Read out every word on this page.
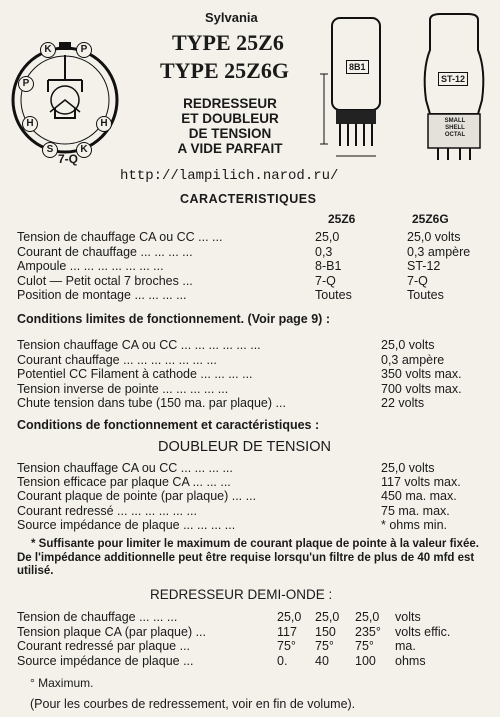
K	P
P
H	H
S	K
7-Q
Sylvania
TYPE 25Z6
TYPE 25Z6G
REDRESSEUR
ET DOUBLEUR
DE TENSION
A VIDE PARFAIT
8B1
ST-12
SMALL SHELL OCTAL
http://lampilich.narod.ru/
CARACTERISTIQUES
25Z6	25Z6G
Tension de chauffage CA ou CC ... ...	25,0	25,0 volts
Courant de chauffage ... ... ... ...	0,3	0,3 ampère
Ampoule ... ... ... ... ... ... ...	8-B1	ST-12
Culot — Petit octal 7 broches ...	7-Q	7-Q
Position de montage ... ... ... ...	Toutes	Toutes
Conditions limites de fonctionnement. (Voir page 9) :
Tension chauffage CA ou CC ... ... ... ... ... ...	25,0 volts
Courant chauffage ... ... ... ... ... ... ...	0,3 ampère
Potentiel CC Filament à cathode ... ... ... ...	350 volts max.
Tension inverse de pointe ... ... ... ... ...	700 volts max.
Chute tension dans tube (150 ma. par plaque) ...	22 volts
Conditions de fonctionnement et caractéristiques :
DOUBLEUR DE TENSION
Tension chauffage CA ou CC ... ... ... ...	25,0 volts
Tension efficace par plaque CA ... ... ...	117 volts max.
Courant plaque de pointe (par plaque) ... ...	450 ma. max.
Courant redressé ... ... ... ... ... ...	75 ma. max.
Source impédance de plaque ... ... ... ...	* ohms min.
* Suffisante pour limiter le maximum de courant plaque de pointe à la valeur fixée. De l'impédance additionnelle peut être requise lorsqu'un filtre de plus de 40 mfd est utilisé.
REDRESSEUR DEMI-ONDE :
Tension de chauffage ... ... ...	25,0 25,0 25,0 volts
Tension plaque CA (par plaque) ...	117 150 235° volts effic.
Courant redressé par plaque ...	75° 75° 75° ma.
Source impédance de plaque ...	0. 40 100 ohms
° Maximum.
(Pour les courbes de redressement, voir en fin de volume).
